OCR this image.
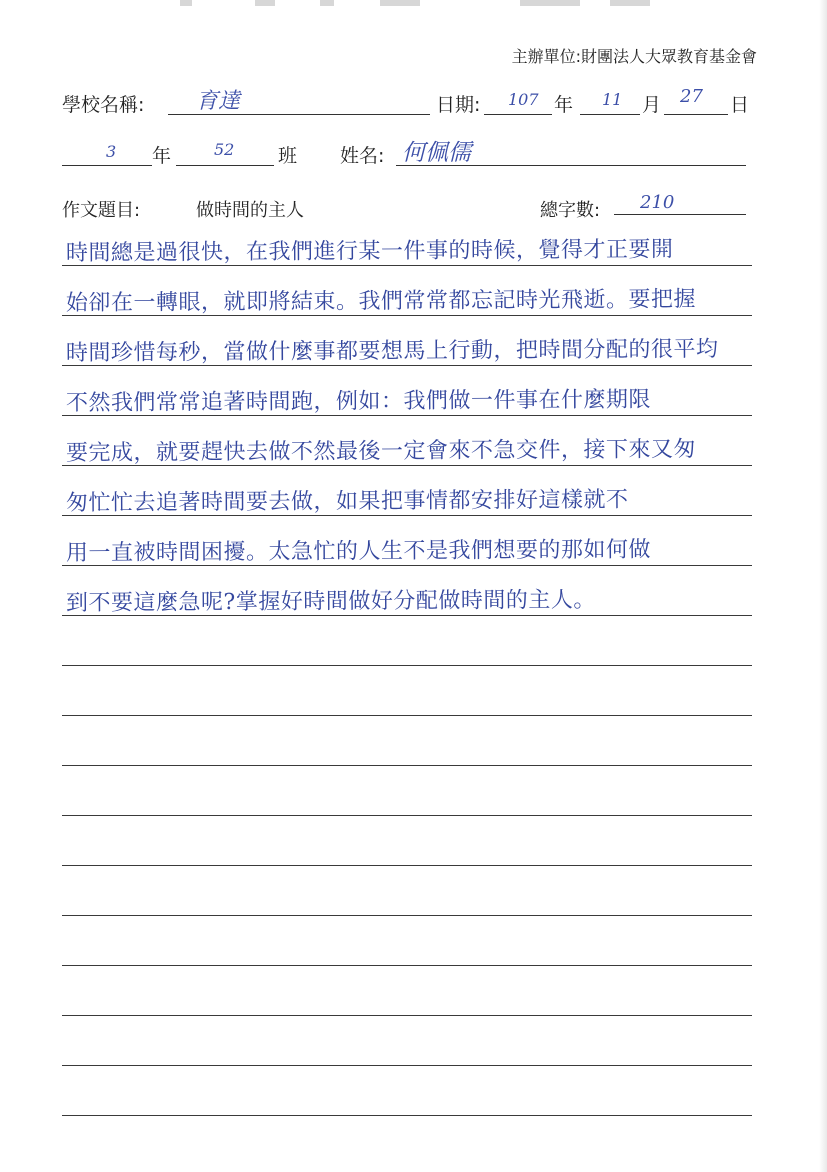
主辦單位:財團法人大眾教育基金會
學校名稱: 育達	日期: 107 年 11 月 27 日
3 年	52 班 姓名: 何佩儒
作文題目:	做時間的主人	總字數: 210
時間總是過很快，在我們進行某一件事的時候，覺得才正要開
始卻在一轉眼，就即將結束。我們常常都忘記時光飛逝。要把握
時間珍惜每秒，當做什麼事都要想馬上行動，把時間分配的很平均
不然我們常常追著時間跑，例如：我們做一件事在什麼期限
要完成，就要趕快去做不然最後一定會來不急交件，接下來又匆
匆忙忙去追著時間要去做，如果把事情都安排好這樣就不
用一直被時間困擾。太急忙的人生不是我們想要的那如何做
到不要這麼急呢?掌握好時間做好分配做時間的主人。
